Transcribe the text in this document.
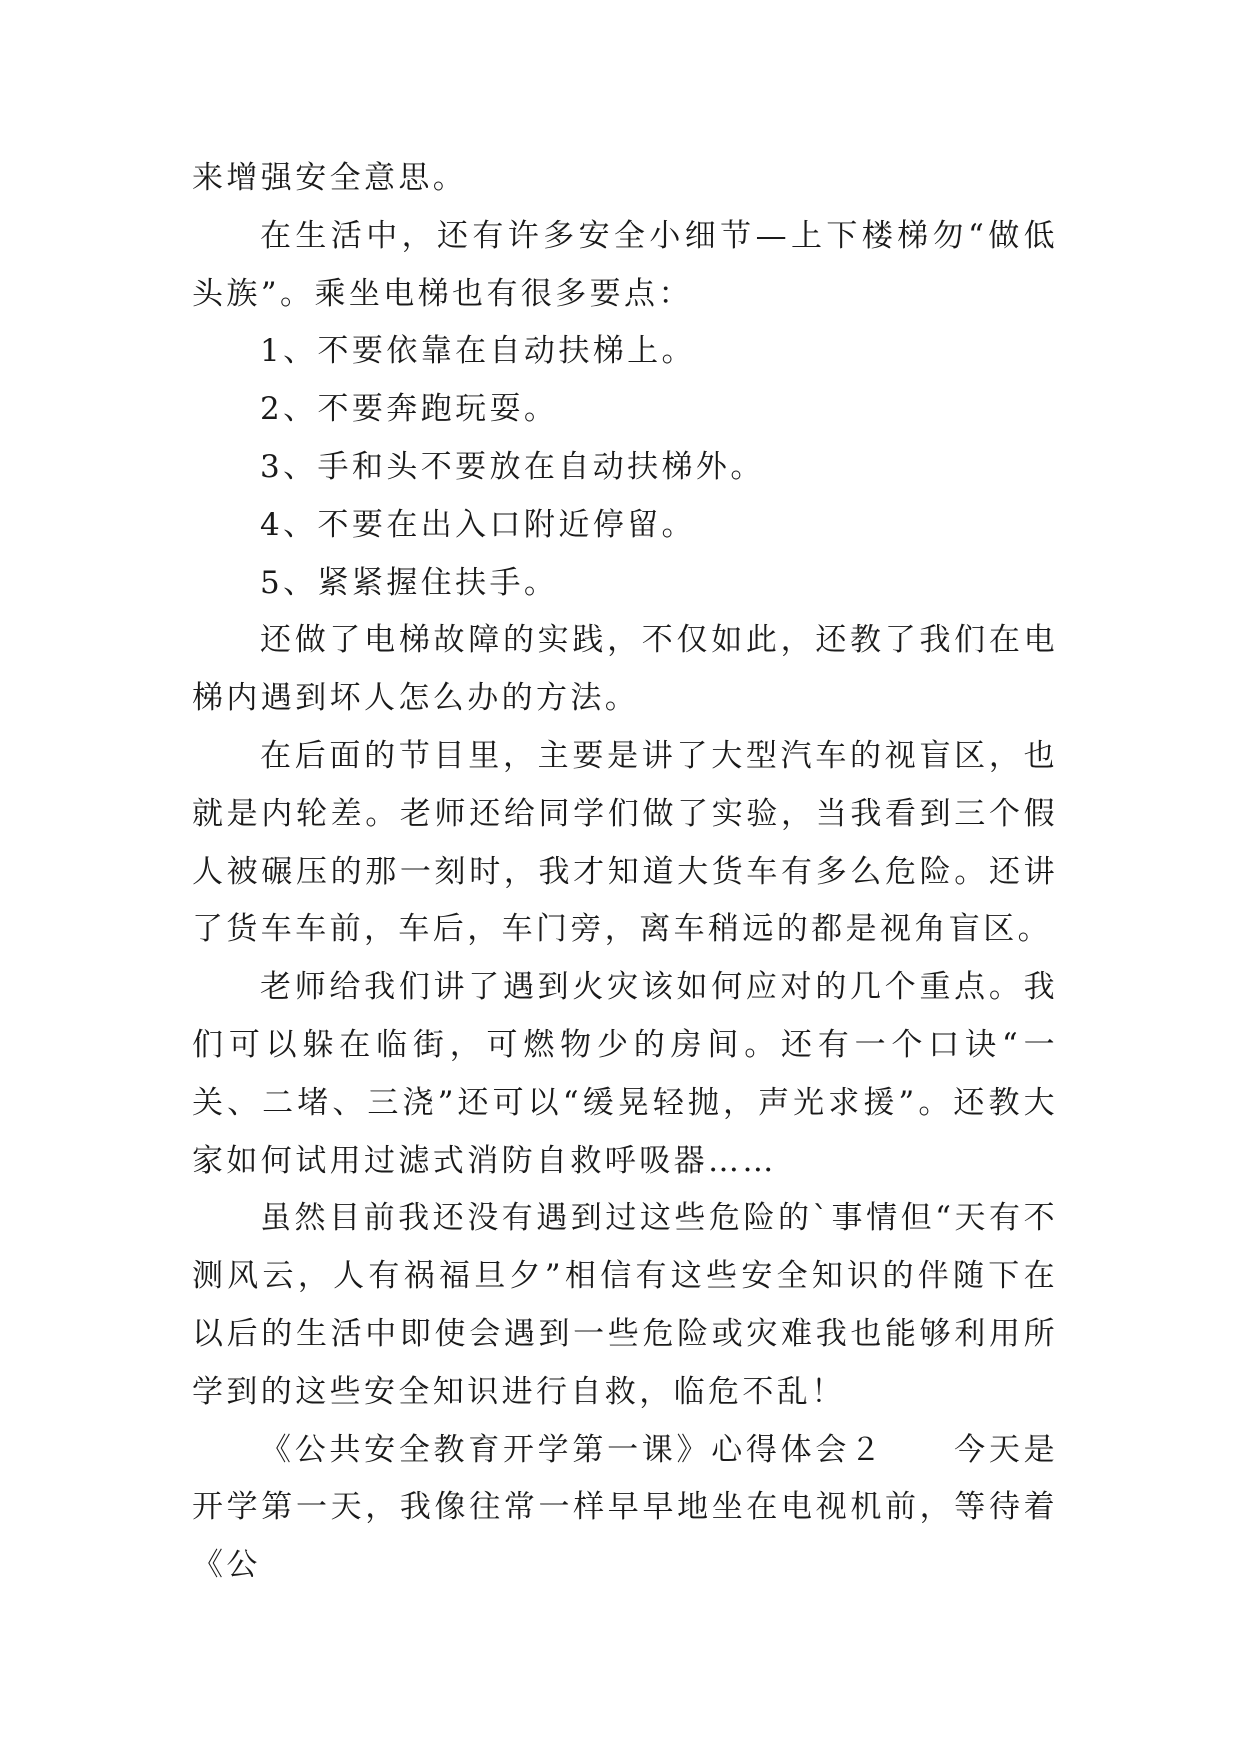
来增强安全意思。

在生活中，还有许多安全小细节—上下楼梯勿“做低头族”。乘坐电梯也有很多要点：

1、不要依靠在自动扶梯上。

2、不要奔跑玩耍。

3、手和头不要放在自动扶梯外。

4、不要在出入口附近停留。

5、紧紧握住扶手。

还做了电梯故障的实践，不仅如此，还教了我们在电梯内遇到坏人怎么办的方法。

在后面的节目里，主要是讲了大型汽车的视盲区，也就是内轮差。老师还给同学们做了实验，当我看到三个假人被碾压的那一刻时，我才知道大货车有多么危险。还讲了货车车前，车后，车门旁，离车稍远的都是视角盲区。

老师给我们讲了遇到火灾该如何应对的几个重点。我们可以躲在临街，可燃物少的房间。还有一个口诀“一关、二堵、三浇”还可以“缓晃轻抛，声光求援”。还教大家如何试用过滤式消防自救呼吸器……

虽然目前我还没有遇到过这些危险的`事情但“天有不测风云，人有祸福旦夕”相信有这些安全知识的伴随下在以后的生活中即使会遇到一些危险或灾难我也能够利用所学到的这些安全知识进行自救，临危不乱！

《公共安全教育开学第一课》心得体会２　　今天是开学第一天，我像往常一样早早地坐在电视机前，等待着《公
